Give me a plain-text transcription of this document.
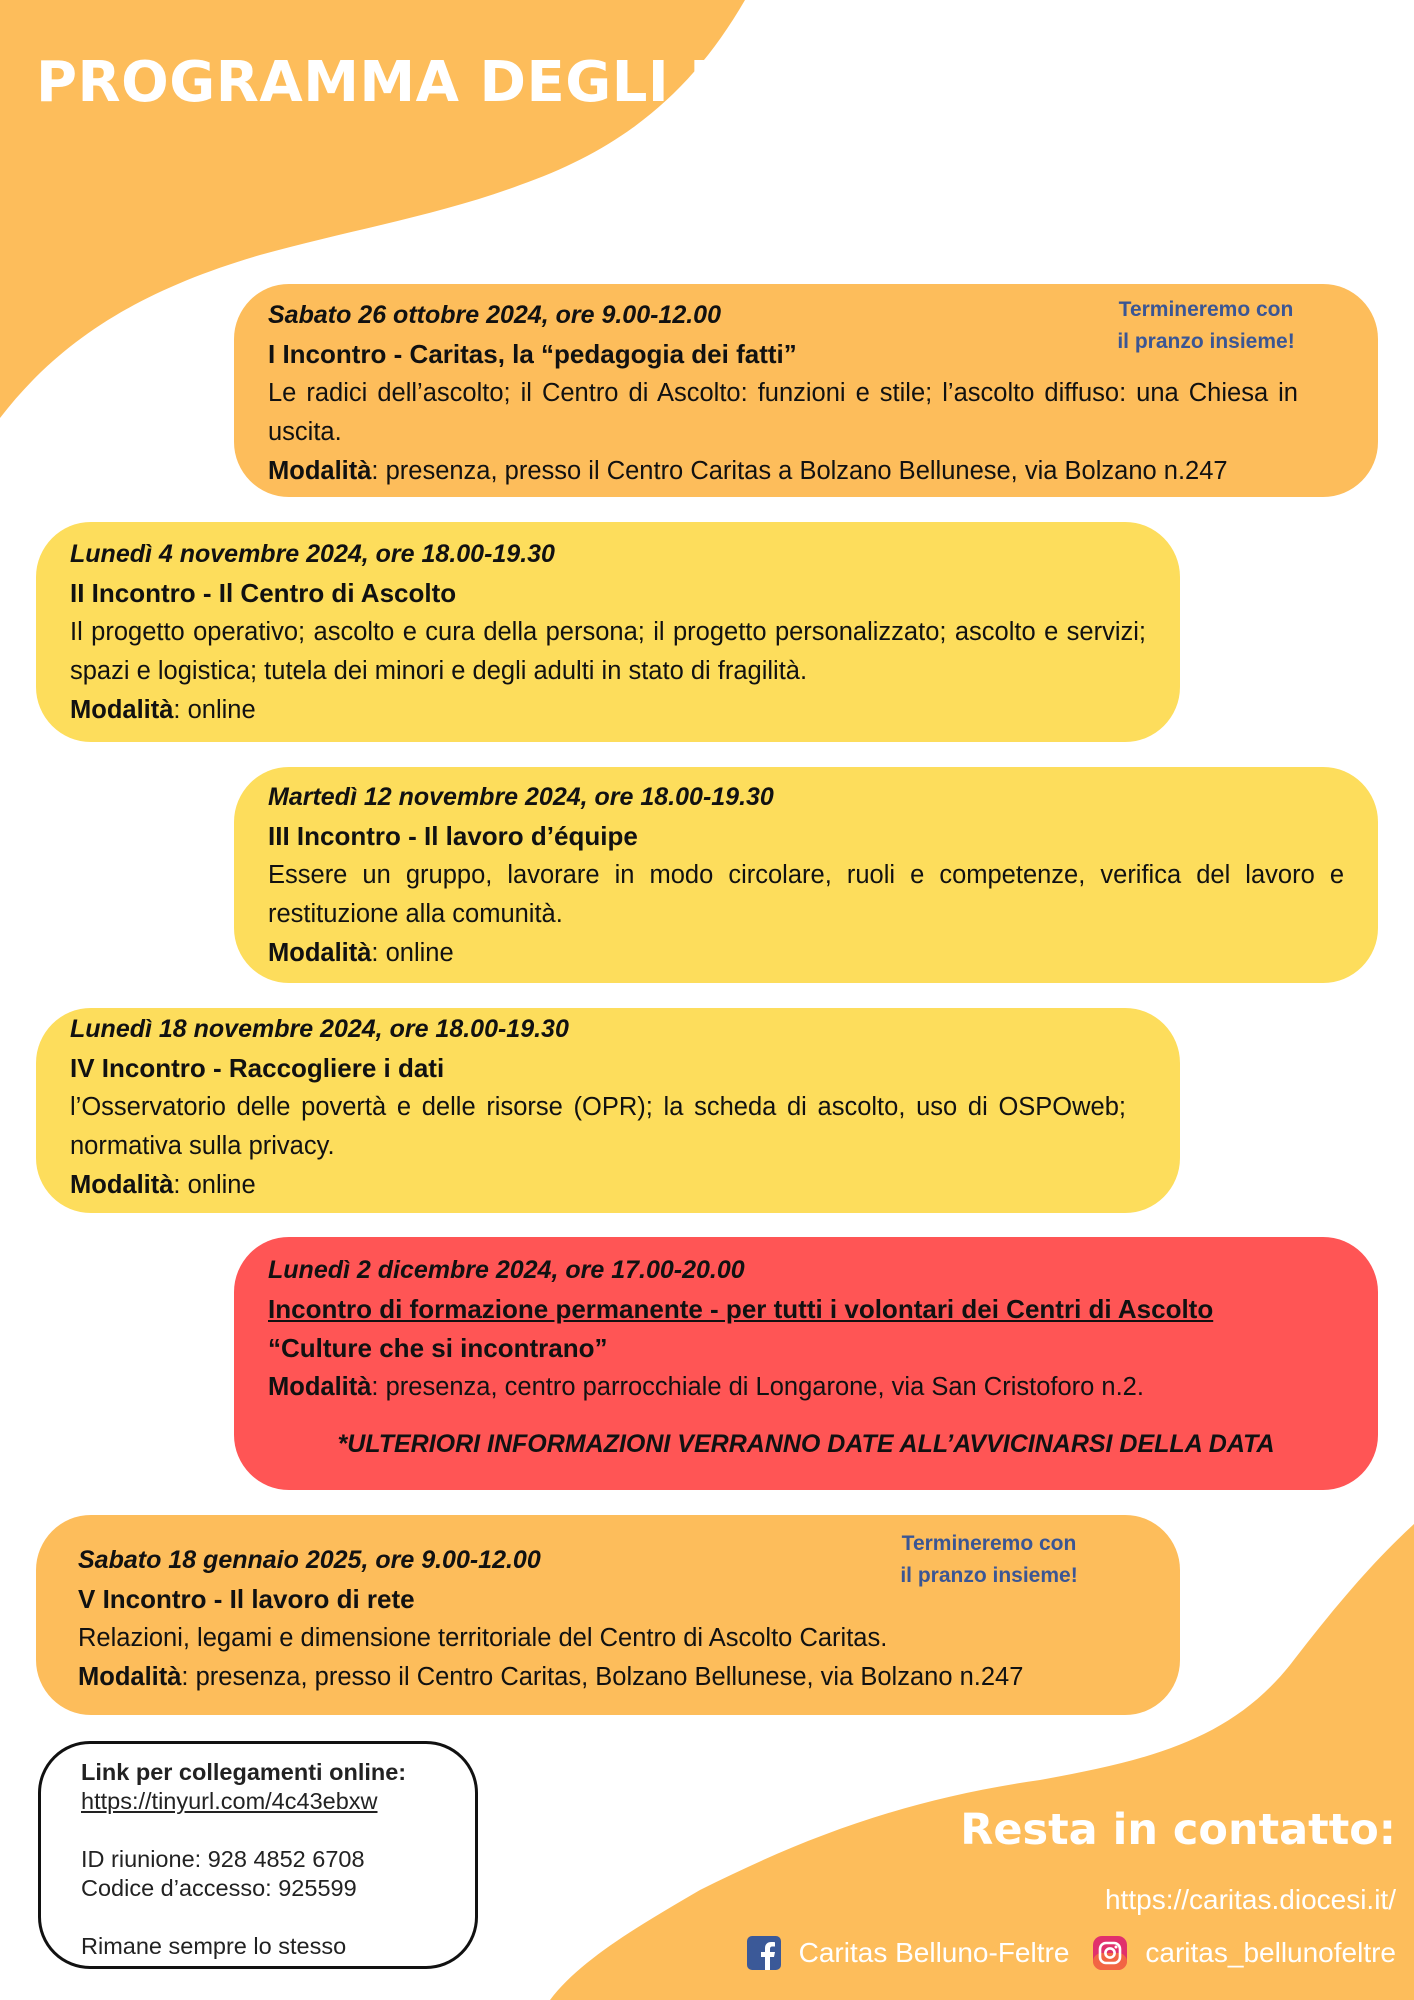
PROGRAMMA DEGLI INCONTRI:

Sabato 26 ottobre 2024, ore 9.00-12.00

I Incontro - Caritas, la “pedagogia dei fatti”

Le radici dell’ascolto; il Centro di Ascolto: funzioni e stile; l’ascolto diffuso: una Chiesa in uscita.

Modalità: presenza, presso il Centro Caritas a Bolzano Bellunese, via Bolzano n.247

Termineremo con
il pranzo insieme!

Lunedì 4 novembre 2024, ore 18.00-19.30

II Incontro - Il Centro di Ascolto

Il progetto operativo; ascolto e cura della persona; il progetto personalizzato; ascolto e servizi; spazi e logistica; tutela dei minori e degli adulti in stato di fragilità.

Modalità: online

Martedì 12 novembre 2024, ore 18.00-19.30

III Incontro - Il lavoro d’équipe

Essere un gruppo, lavorare in modo circolare, ruoli e competenze, verifica del lavoro e restituzione alla comunità.

Modalità: online

Lunedì 18 novembre 2024, ore 18.00-19.30

IV Incontro - Raccogliere i dati

l’Osservatorio delle povertà e delle risorse (OPR); la scheda di ascolto, uso di OSPOweb; normativa sulla privacy.

Modalità: online

Lunedì 2 dicembre 2024, ore 17.00-20.00

Incontro di formazione permanente - per tutti i volontari dei Centri di Ascolto

“Culture che si incontrano”

Modalità: presenza, centro parrocchiale di Longarone, via San Cristoforo n.2.

*ULTERIORI INFORMAZIONI VERRANNO DATE ALL’AVVICINARSI DELLA DATA

Sabato 18 gennaio 2025, ore 9.00-12.00

V Incontro - Il lavoro di rete

Relazioni, legami e dimensione territoriale del Centro di Ascolto Caritas.

Modalità: presenza, presso il Centro Caritas, Bolzano Bellunese, via Bolzano n.247

Termineremo con
il pranzo insieme!
Link per collegamenti online:
https://tinyurl.com/4c43ebxw
ID riunione: 928 4852 6708
Codice d’accesso: 925599
Rimane sempre lo stesso
Resta in contatto:
https://caritas.diocesi.it/
Caritas Belluno-Feltre	caritas_bellunofeltre
